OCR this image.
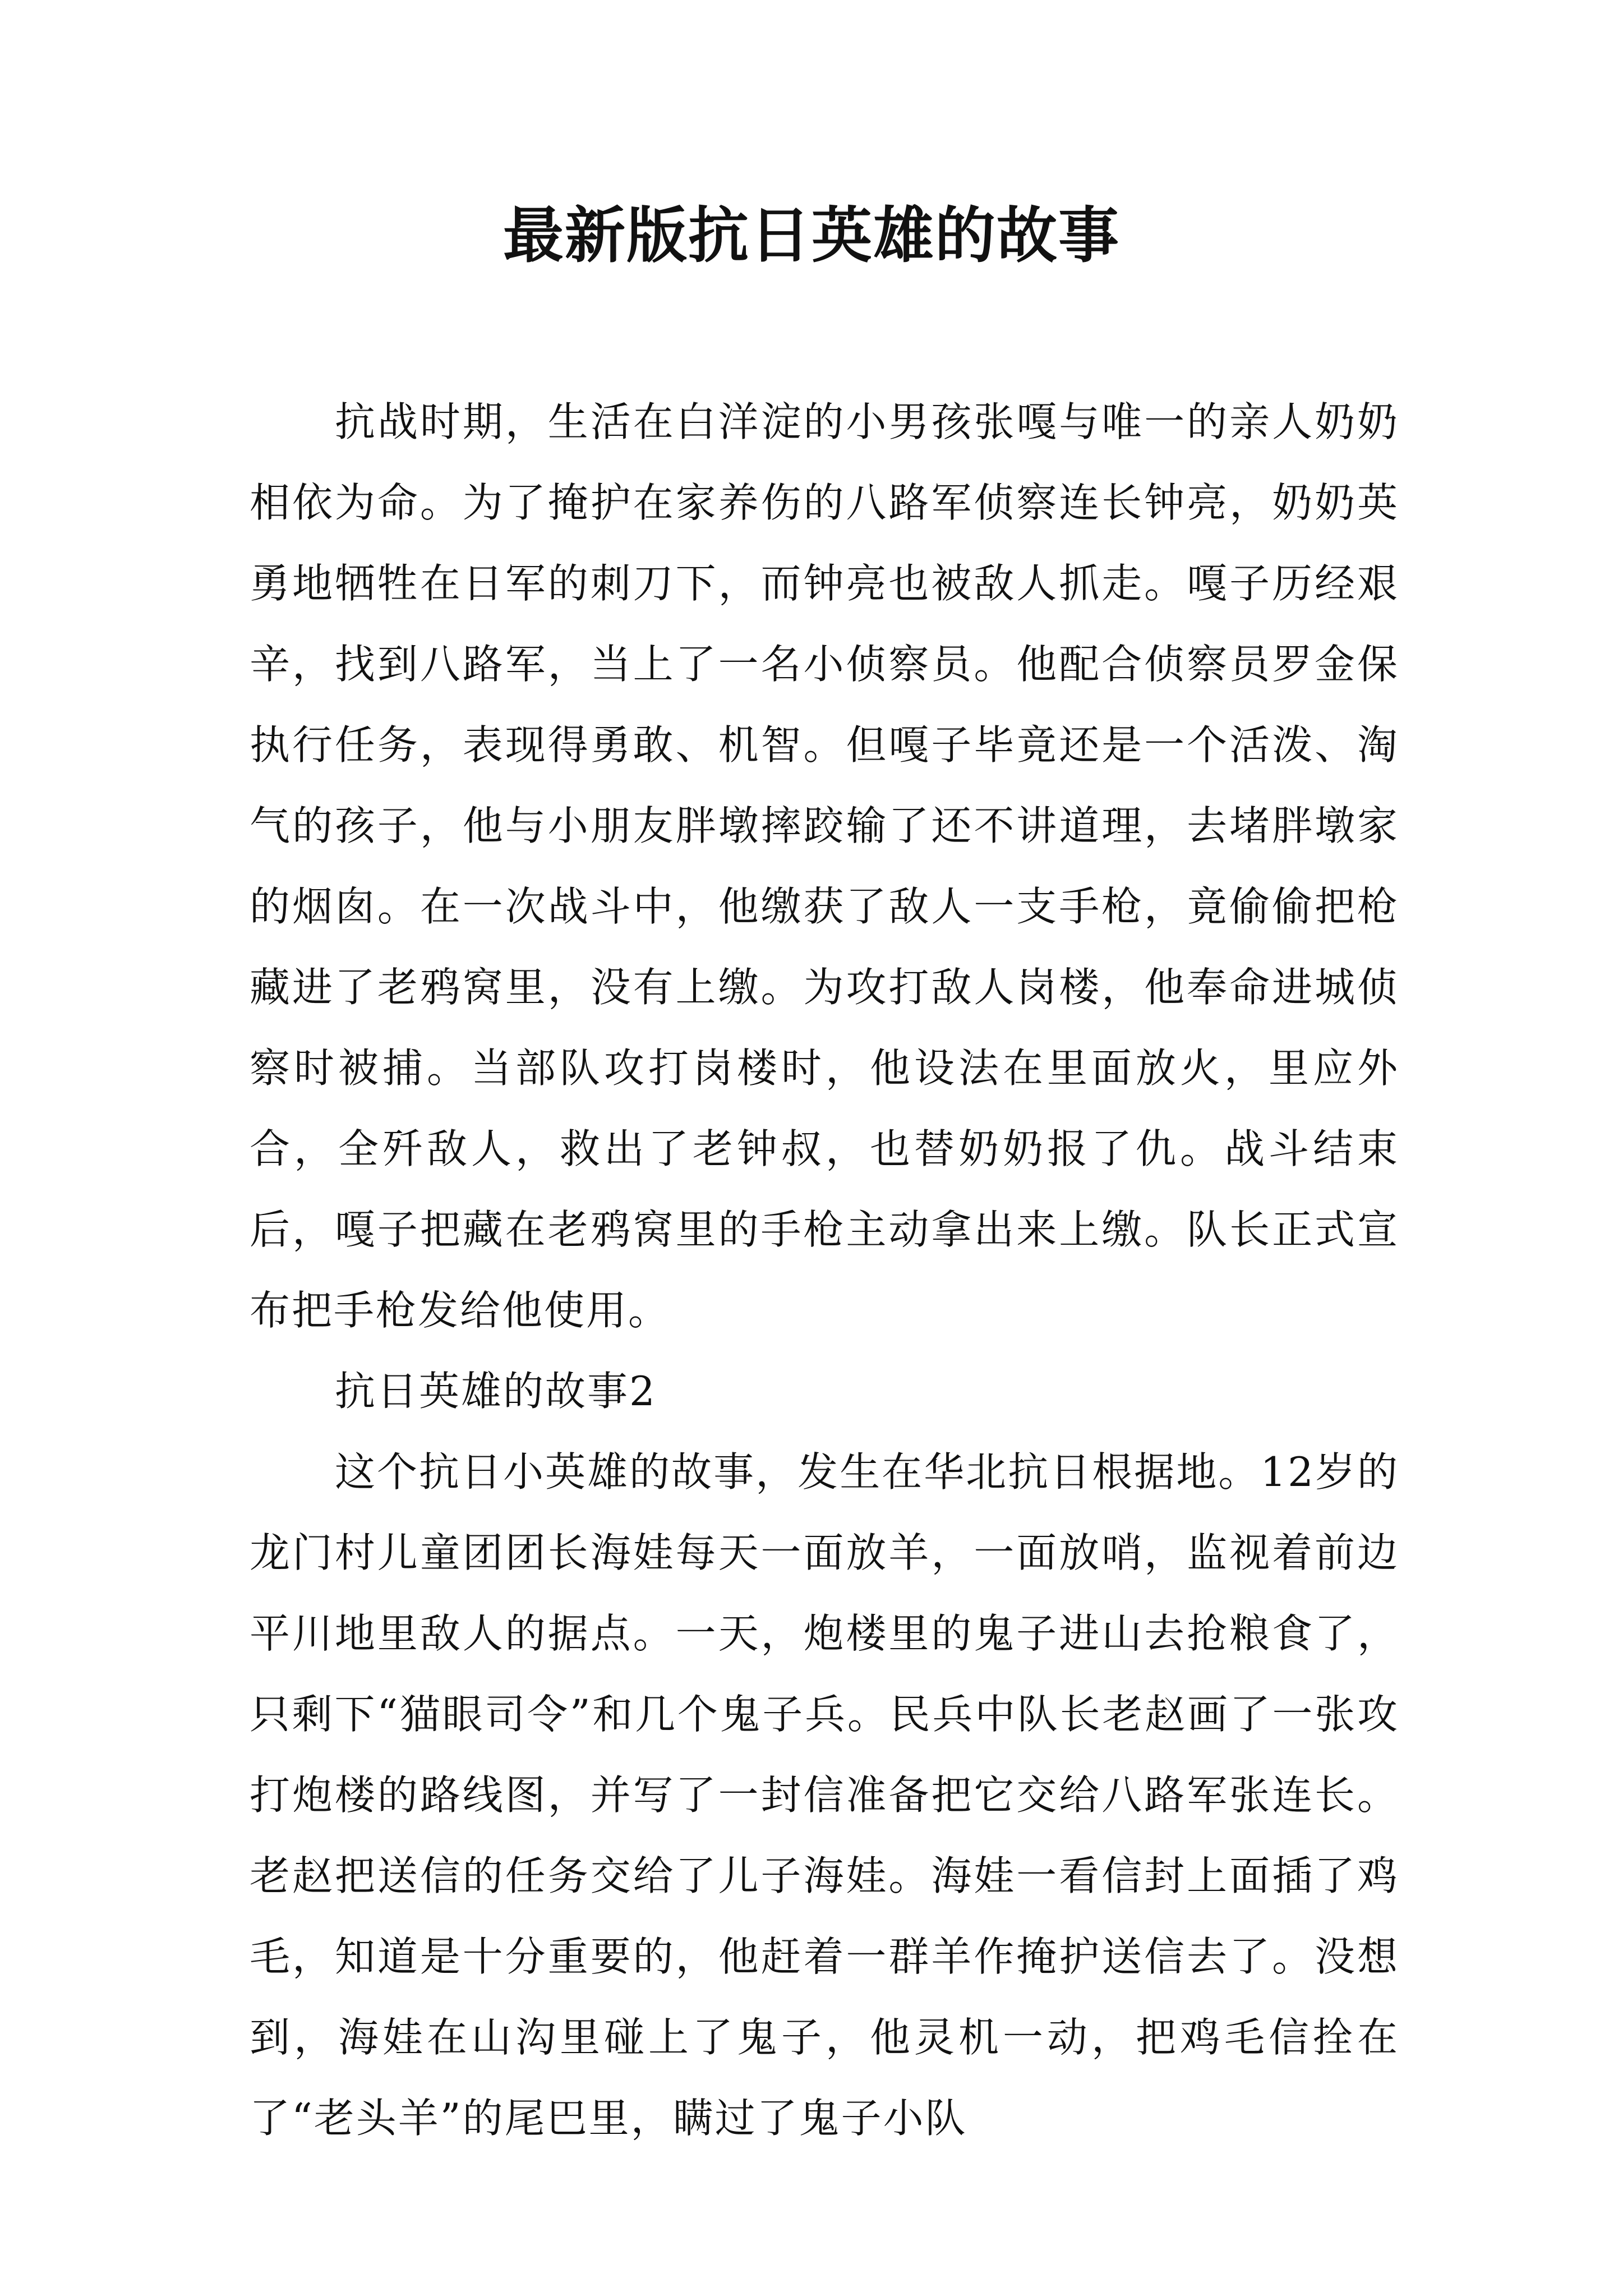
最新版抗日英雄的故事

抗战时期，生活在白洋淀的小男孩张嘎与唯一的亲人奶奶相依为命。为了掩护在家养伤的八路军侦察连长钟亮，奶奶英勇地牺牲在日军的刺刀下，而钟亮也被敌人抓走。嘎子历经艰辛，找到八路军，当上了一名小侦察员。他配合侦察员罗金保执行任务，表现得勇敢、机智。但嘎子毕竟还是一个活泼、淘气的孩子，他与小朋友胖墩摔跤输了还不讲道理，去堵胖墩家的烟囱。在一次战斗中，他缴获了敌人一支手枪，竟偷偷把枪藏进了老鸦窝里，没有上缴。为攻打敌人岗楼，他奉命进城侦察时被捕。当部队攻打岗楼时，他设法在里面放火，里应外合，全歼敌人，救出了老钟叔，也替奶奶报了仇。战斗结束后，嘎子把藏在老鸦窝里的手枪主动拿出来上缴。队长正式宣布把手枪发给他使用。

抗日英雄的故事2

这个抗日小英雄的故事，发生在华北抗日根据地。12岁的龙门村儿童团团长海娃每天一面放羊，一面放哨，监视着前边平川地里敌人的据点。一天，炮楼里的鬼子进山去抢粮食了，只剩下“猫眼司令”和几个鬼子兵。民兵中队长老赵画了一张攻打炮楼的路线图，并写了一封信准备把它交给八路军张连长。老赵把送信的任务交给了儿子海娃。海娃一看信封上面插了鸡毛，知道是十分重要的，他赶着一群羊作掩护送信去了。没想到，海娃在山沟里碰上了鬼子，他灵机一动，把鸡毛信拴在了“老头羊”的尾巴里，瞒过了鬼子小队
